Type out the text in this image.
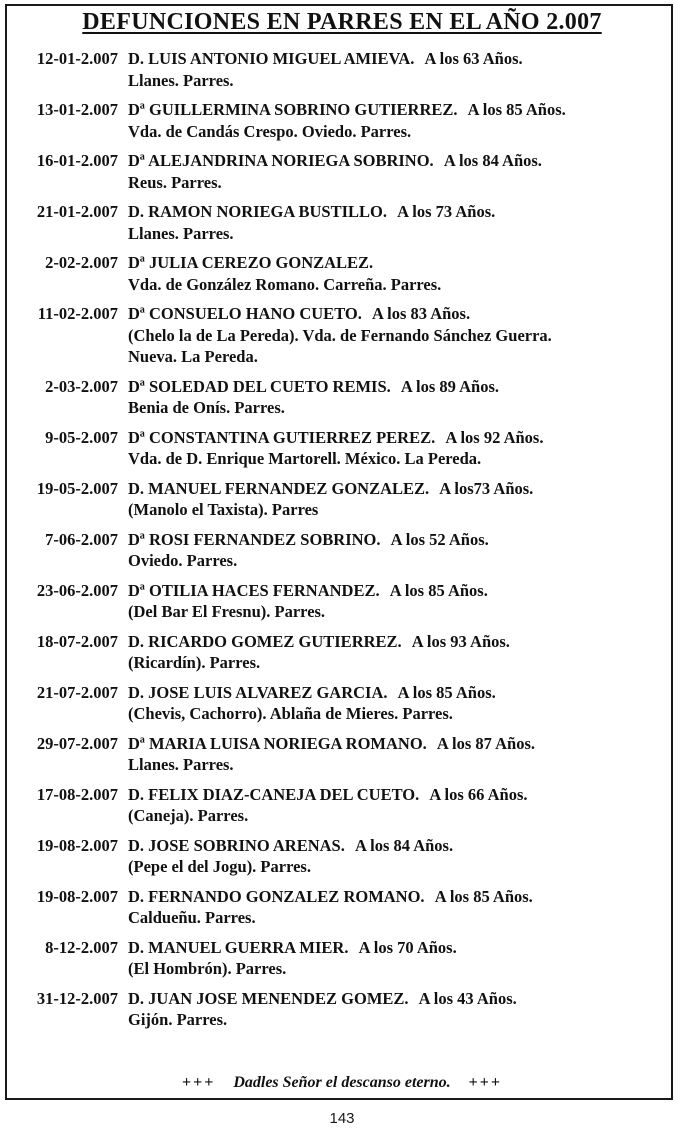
DEFUNCIONES EN PARRES EN EL AÑO 2.007
12-01-2.007 D. LUIS ANTONIO MIGUEL AMIEVA. A los 63 Años.
Llanes. Parres.
13-01-2.007 Dª GUILLERMINA SOBRINO GUTIERREZ. A los 85 Años.
Vda. de Candás Crespo. Oviedo. Parres.
16-01-2.007 Dª ALEJANDRINA NORIEGA SOBRINO. A los 84 Años.
Reus. Parres.
21-01-2.007 D. RAMON NORIEGA BUSTILLO. A los 73 Años.
Llanes. Parres.
2-02-2.007 Dª JULIA CEREZO GONZALEZ.
Vda. de González Romano. Carreña. Parres.
11-02-2.007 Dª CONSUELO HANO CUETO. A los 83 Años.
(Chelo la de La Pereda). Vda. de Fernando Sánchez Guerra.
Nueva. La Pereda.
2-03-2.007 Dª SOLEDAD DEL CUETO REMIS. A los 89 Años.
Benia de Onís. Parres.
9-05-2.007 Dª CONSTANTINA GUTIERREZ PEREZ. A los 92 Años.
Vda. de D. Enrique Martorell. México. La Pereda.
19-05-2.007 D. MANUEL FERNANDEZ GONZALEZ. A los73 Años.
(Manolo el Taxista). Parres
7-06-2.007 Dª ROSI FERNANDEZ SOBRINO. A los 52 Años.
Oviedo. Parres.
23-06-2.007 Dª OTILIA HACES FERNANDEZ. A los 85 Años.
(Del Bar El Fresnu). Parres.
18-07-2.007 D. RICARDO GOMEZ GUTIERREZ. A los 93 Años.
(Ricardín). Parres.
21-07-2.007 D. JOSE LUIS ALVAREZ GARCIA. A los 85 Años.
(Chevis, Cachorro). Ablaña de Mieres. Parres.
29-07-2.007 Dª MARIA LUISA NORIEGA ROMANO. A los 87 Años.
Llanes. Parres.
17-08-2.007 D. FELIX DIAZ-CANEJA DEL CUETO. A los 66 Años.
(Caneja). Parres.
19-08-2.007 D. JOSE SOBRINO ARENAS. A los 84 Años.
(Pepe el del Jogu). Parres.
19-08-2.007 D. FERNANDO GONZALEZ ROMANO. A los 85 Años.
Caldueñu. Parres.
8-12-2.007 D. MANUEL GUERRA MIER. A los 70 Años.
(El Hombrón). Parres.
31-12-2.007 D. JUAN JOSE MENENDEZ GOMEZ. A los 43 Años.
Gijón. Parres.
+++ Dadles Señor el descanso eterno. +++
143
